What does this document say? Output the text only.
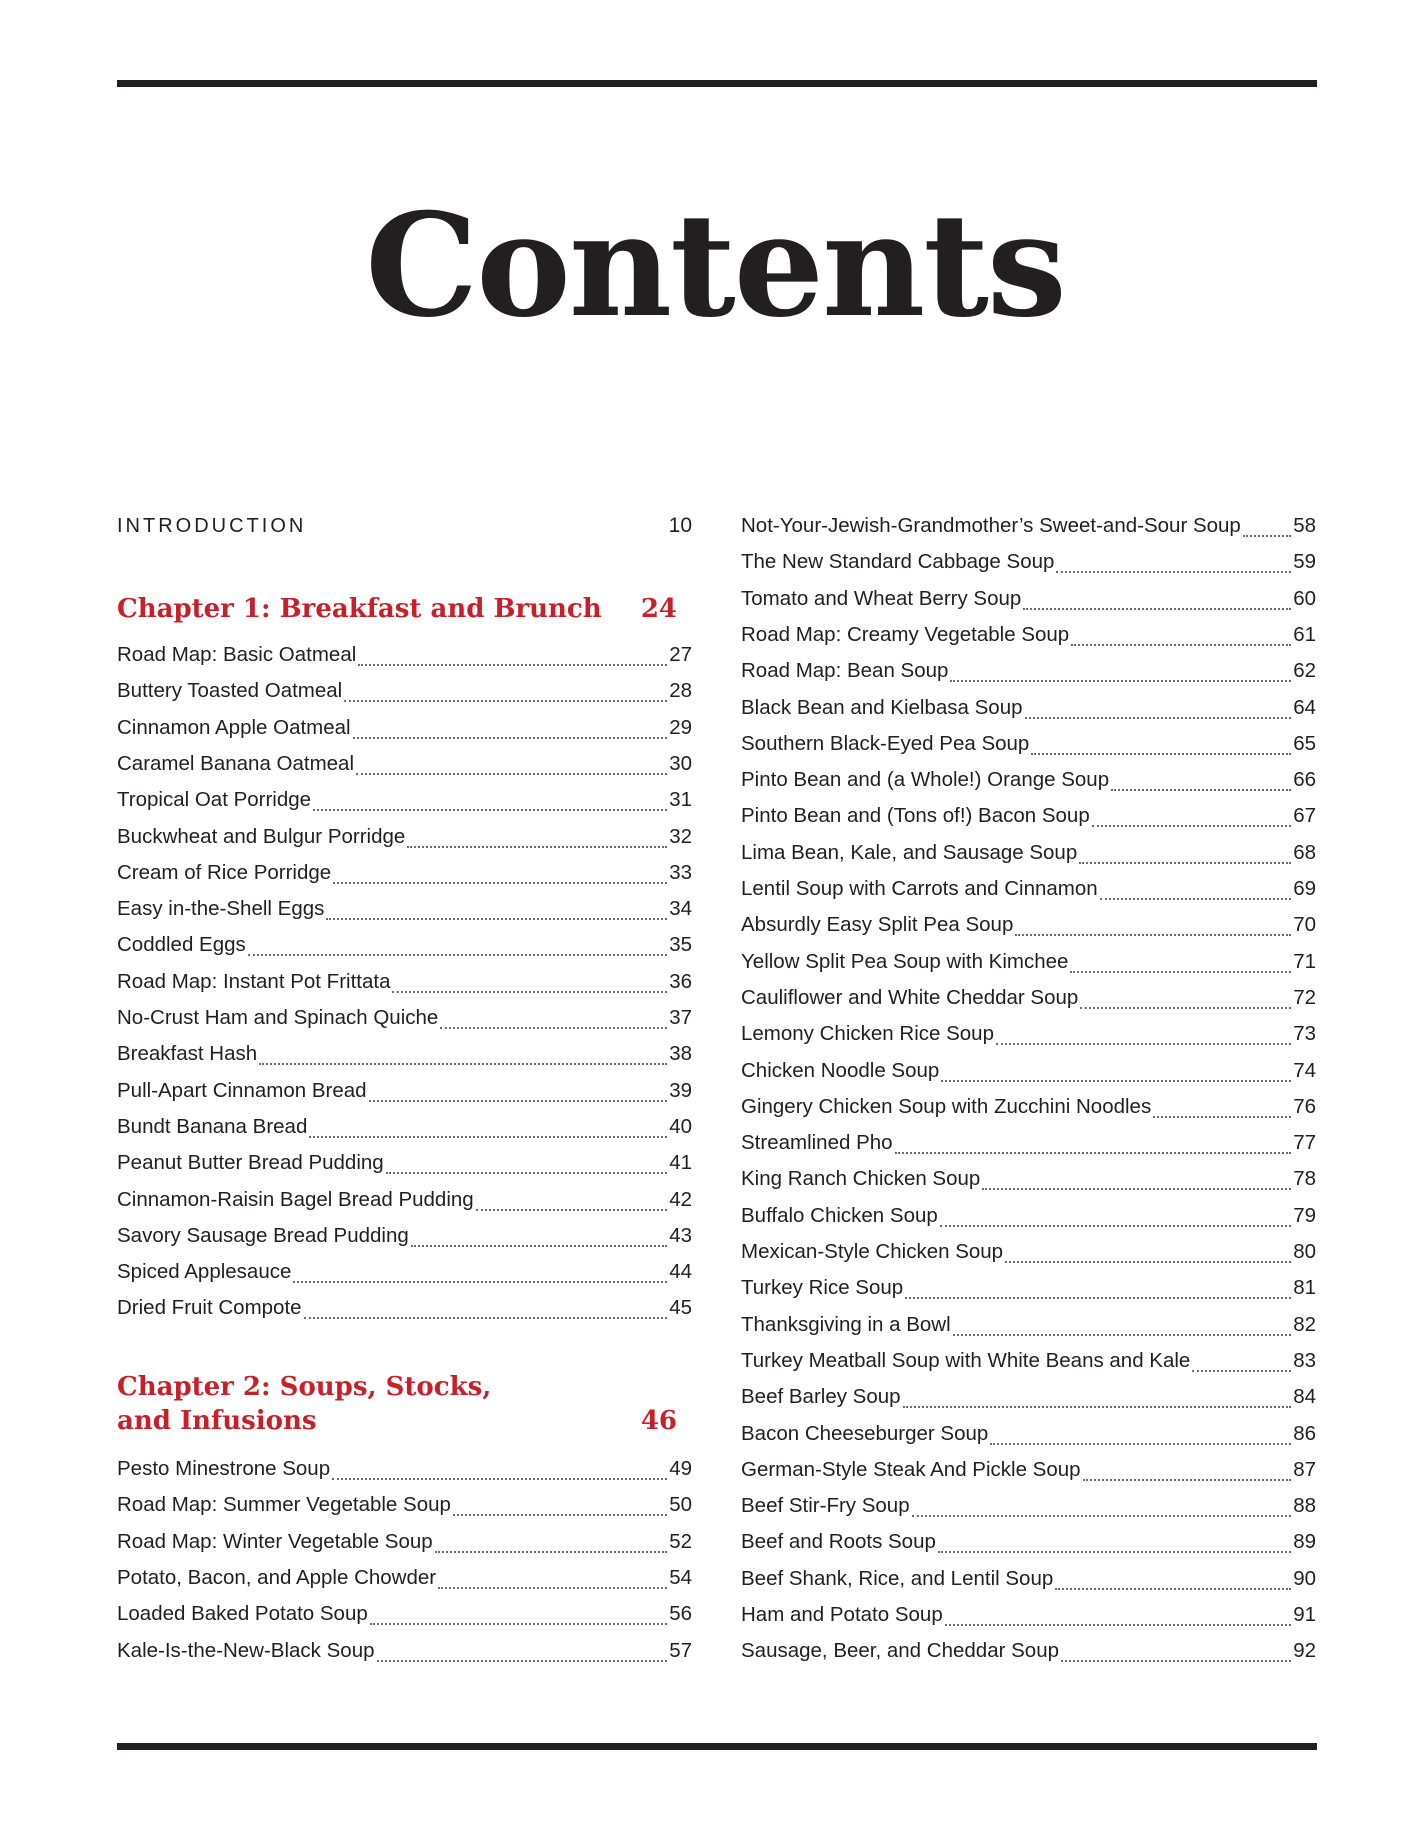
Contents
INTRODUCTION	10
Chapter 1: Breakfast and Brunch 24
Road Map: Basic Oatmeal	27
Buttery Toasted Oatmeal	28
Cinnamon Apple Oatmeal	29
Caramel Banana Oatmeal	30
Tropical Oat Porridge	31
Buckwheat and Bulgur Porridge	32
Cream of Rice Porridge	33
Easy in-the-Shell Eggs	34
Coddled Eggs	35
Road Map: Instant Pot Frittata	36
No-Crust Ham and Spinach Quiche	37
Breakfast Hash	38
Pull-Apart Cinnamon Bread	39
Bundt Banana Bread	40
Peanut Butter Bread Pudding	41
Cinnamon-Raisin Bagel Bread Pudding	42
Savory Sausage Bread Pudding	43
Spiced Applesauce	44
Dried Fruit Compote	45
Chapter 2: Soups, Stocks,
and Infusions	46
Pesto Minestrone Soup	49
Road Map: Summer Vegetable Soup	50
Road Map: Winter Vegetable Soup	52
Potato, Bacon, and Apple Chowder	54
Loaded Baked Potato Soup	56
Kale-Is-the-New-Black Soup	57
Not-Your-Jewish-Grandmother’s Sweet-and-Sour Soup	58
The New Standard Cabbage Soup	59
Tomato and Wheat Berry Soup	60
Road Map: Creamy Vegetable Soup	61
Road Map: Bean Soup	62
Black Bean and Kielbasa Soup	64
Southern Black-Eyed Pea Soup	65
Pinto Bean and (a Whole!) Orange Soup	66
Pinto Bean and (Tons of!) Bacon Soup	67
Lima Bean, Kale, and Sausage Soup	68
Lentil Soup with Carrots and Cinnamon	69
Absurdly Easy Split Pea Soup	70
Yellow Split Pea Soup with Kimchee	71
Cauliflower and White Cheddar Soup	72
Lemony Chicken Rice Soup	73
Chicken Noodle Soup	74
Gingery Chicken Soup with Zucchini Noodles	76
Streamlined Pho	77
King Ranch Chicken Soup	78
Buffalo Chicken Soup	79
Mexican-Style Chicken Soup	80
Turkey Rice Soup	81
Thanksgiving in a Bowl	82
Turkey Meatball Soup with White Beans and Kale	83
Beef Barley Soup	84
Bacon Cheeseburger Soup	86
German-Style Steak And Pickle Soup	87
Beef Stir-Fry Soup	88
Beef and Roots Soup	89
Beef Shank, Rice, and Lentil Soup	90
Ham and Potato Soup	91
Sausage, Beer, and Cheddar Soup	92
